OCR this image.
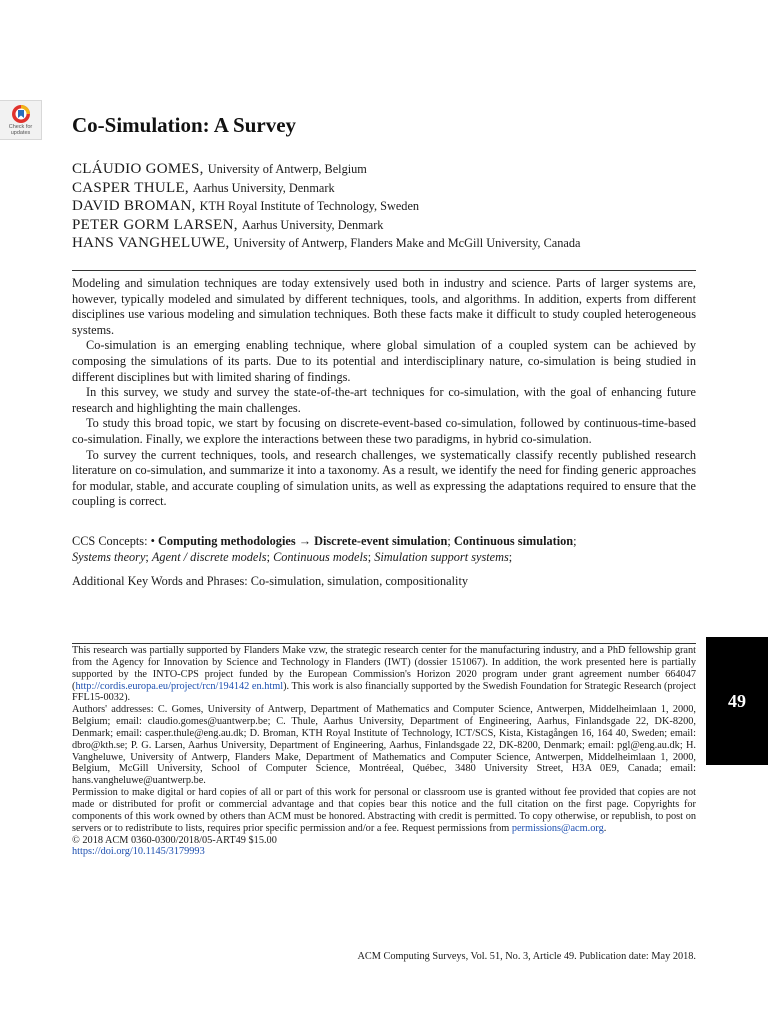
Check for
updates	Co-Simulation: A Survey
CLÁUDIO GOMES, University of Antwerp, Belgium
CASPER THULE, Aarhus University, Denmark
DAVID BROMAN, KTH Royal Institute of Technology, Sweden
PETER GORM LARSEN, Aarhus University, Denmark
HANS VANGHELUWE, University of Antwerp, Flanders Make and McGill University, Canada

Modeling and simulation techniques are today extensively used both in industry and science. Parts of larger systems are, however, typically modeled and simulated by different techniques, tools, and algorithms. In addition, experts from different disciplines use various modeling and simulation techniques. Both these facts make it difficult to study coupled heterogeneous systems.

Co-simulation is an emerging enabling technique, where global simulation of a coupled system can be achieved by composing the simulations of its parts. Due to its potential and interdisciplinary nature, co-simulation is being studied in different disciplines but with limited sharing of findings.

In this survey, we study and survey the state-of-the-art techniques for co-simulation, with the goal of enhancing future research and highlighting the main challenges.

To study this broad topic, we start by focusing on discrete-event-based co-simulation, followed by continuous-time-based co-simulation. Finally, we explore the interactions between these two paradigms, in hybrid co-simulation.

To survey the current techniques, tools, and research challenges, we systematically classify recently published research literature on co-simulation, and summarize it into a taxonomy. As a result, we identify the need for finding generic approaches for modular, stable, and accurate coupling of simulation units, as well as expressing the adaptations required to ensure that the coupling is correct.

CCS Concepts: • Computing methodologies → Discrete-event simulation; Continuous simulation;
Systems theory; Agent / discrete models; Continuous models; Simulation support systems;
Additional Key Words and Phrases: Co-simulation, simulation, compositionality

This research was partially supported by Flanders Make vzw, the strategic research center for the manufacturing industry, and a PhD fellowship grant from the Agency for Innovation by Science and Technology in Flanders (IWT) (dossier 151067). In addition, the work presented here is partially supported by the INTO-CPS project funded by the European Commission's Horizon 2020 program under grant agreement number 664047 (http://cordis.europa.eu/project/rcn/194142 en.html). This work is also financially supported by the Swedish Foundation for Strategic Research (project FFL15-0032).

Authors' addresses: C. Gomes, University of Antwerp, Department of Mathematics and Computer Science, Antwerpen, Middelheimlaan 1, 2000, Belgium; email: claudio.gomes@uantwerp.be; C. Thule, Aarhus University, Department of Engineering, Aarhus, Finlandsgade 22, DK-8200, Denmark; email: casper.thule@eng.au.dk; D. Broman, KTH Royal Institute of Technology, ICT/SCS, Kista, Kistagången 16, 164 40, Sweden; email: dbro@kth.se; P. G. Larsen, Aarhus University, Department of Engineering, Aarhus, Finlandsgade 22, DK-8200, Denmark; email: pgl@eng.au.dk; H. Vangheluwe, University of Antwerp, Flanders Make, Department of Mathematics and Computer Science, Antwerpen, Middelheimlaan 1, 2000, Belgium, McGill University, School of Computer Science, Montréeal, Québec, 3480 University Street, H3A 0E9, Canada; email: hans.vangheluwe@uantwerp.be.

Permission to make digital or hard copies of all or part of this work for personal or classroom use is granted without fee provided that copies are not made or distributed for profit or commercial advantage and that copies bear this notice and the full citation on the first page. Copyrights for components of this work owned by others than ACM must be honored. Abstracting with credit is permitted. To copy otherwise, or republish, to post on servers or to redistribute to lists, requires prior specific permission and/or a fee. Request permissions from permissions@acm.org.

© 2018 ACM 0360-0300/2018/05-ART49 $15.00

https://doi.org/10.1145/3179993

49
ACM Computing Surveys, Vol. 51, No. 3, Article 49. Publication date: May 2018.
